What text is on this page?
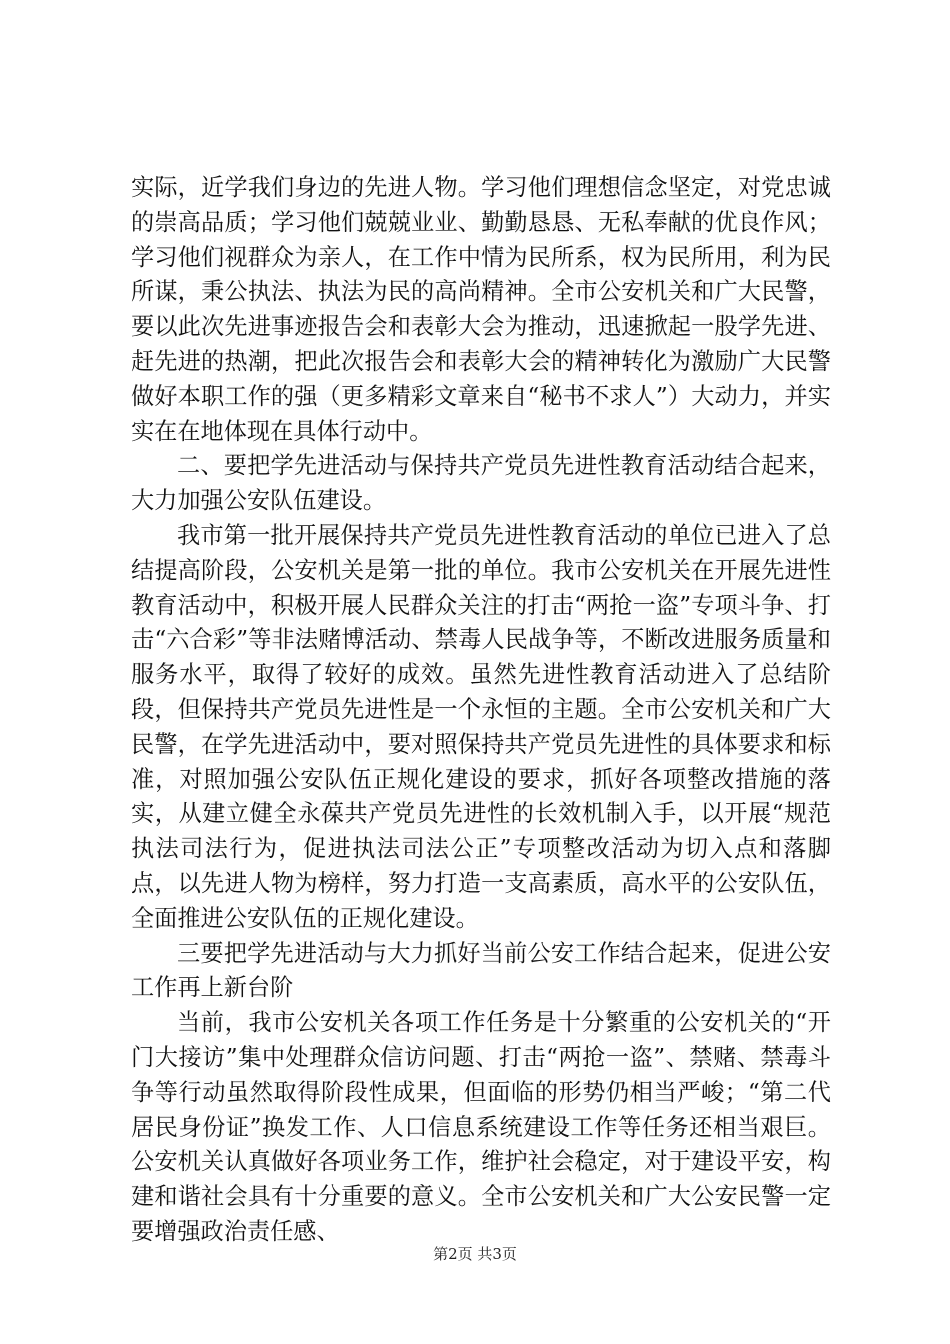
实际，近学我们身边的先进人物。学习他们理想信念坚定，对党忠诚的崇高品质；学习他们兢兢业业、勤勤恳恳、无私奉献的优良作风；学习他们视群众为亲人，在工作中情为民所系，权为民所用，利为民所谋，秉公执法、执法为民的高尚精神。全市公安机关和广大民警，要以此次先进事迹报告会和表彰大会为推动，迅速掀起一股学先进、赶先进的热潮，把此次报告会和表彰大会的精神转化为激励广大民警做好本职工作的强（更多精彩文章来自“秘书不求人”）大动力，并实实在在地体现在具体行动中。

二、要把学先进活动与保持共产党员先进性教育活动结合起来，大力加强公安队伍建设。

我市第一批开展保持共产党员先进性教育活动的单位已进入了总结提高阶段，公安机关是第一批的单位。我市公安机关在开展先进性教育活动中，积极开展人民群众关注的打击“两抢一盗”专项斗争、打击“六合彩”等非法赌博活动、禁毒人民战争等，不断改进服务质量和服务水平，取得了较好的成效。虽然先进性教育活动进入了总结阶段，但保持共产党员先进性是一个永恒的主题。全市公安机关和广大民警，在学先进活动中，要对照保持共产党员先进性的具体要求和标准，对照加强公安队伍正规化建设的要求，抓好各项整改措施的落实，从建立健全永葆共产党员先进性的长效机制入手，以开展“规范执法司法行为，促进执法司法公正”专项整改活动为切入点和落脚点，以先进人物为榜样，努力打造一支高素质，高水平的公安队伍，全面推进公安队伍的正规化建设。

三要把学先进活动与大力抓好当前公安工作结合起来，促进公安工作再上新台阶

当前，我市公安机关各项工作任务是十分繁重的公安机关的“开门大接访”集中处理群众信访问题、打击“两抢一盗”、禁赌、禁毒斗争等行动虽然取得阶段性成果，但面临的形势仍相当严峻；“第二代居民身份证”换发工作、人口信息系统建设工作等任务还相当艰巨。公安机关认真做好各项业务工作，维护社会稳定，对于建设平安，构建和谐社会具有十分重要的意义。全市公安机关和广大公安民警一定要增强政治责任感、

第2页 共3页
